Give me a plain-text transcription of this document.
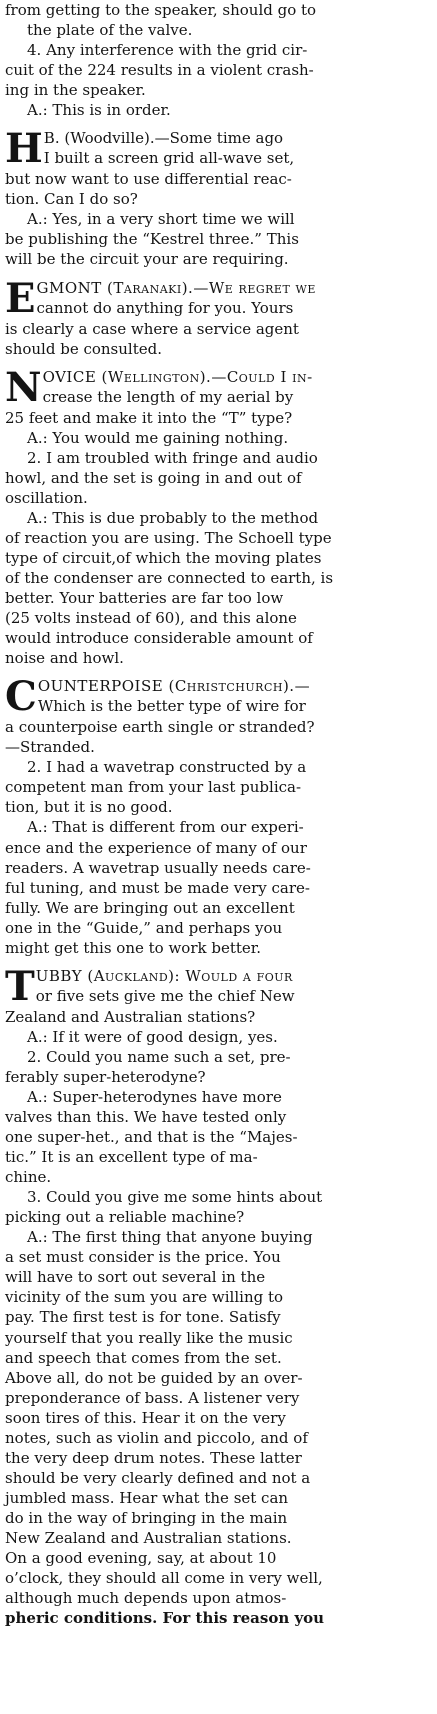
from getting to the speaker, should go to
the plate of the valve.
4. Any interference with the grid cir-
cuit of the 224 results in a violent crash-
ing in the speaker.
A.: This is in order.
H B. (Woodville).—Some time ago
I built a screen grid all-wave set,
but now want to use differential reac-
tion. Can I do so?
A.: Yes, in a very short time we will
be publishing the “Kestrel three.” This
will be the circuit your are requiring.
E GMONT (Taranaki).—We regret we
cannot do anything for you. Yours
is clearly a case where a service agent
should be consulted.
N OVICE (Wellington).—Could I in-
crease the length of my aerial by
25 feet and make it into the “T” type?
A.: You would me gaining nothing.
2. I am troubled with fringe and audio
howl, and the set is going in and out of
oscillation.
A.: This is due probably to the method
of reaction you are using. The Schoell type
type of circuit,of which the moving plates
of the condenser are connected to earth, is
better. Your batteries are far too low
(25 volts instead of 60), and this alone
would introduce considerable amount of
noise and howl.
C OUNTERPOISE (Christchurch).—
Which is the better type of wire for
a counterpoise earth single or stranded?
—Stranded.
2. I had a wavetrap constructed by a
competent man from your last publica-
tion, but it is no good.
A.: That is different from our experi-
ence and the experience of many of our
readers. A wavetrap usually needs care-
ful tuning, and must be made very care-
fully. We are bringing out an excellent
one in the “Guide,” and perhaps you
might get this one to work better.
T UBBY (Auckland): Would a four
or five sets give me the chief New
Zealand and Australian stations?
A.: If it were of good design, yes.
2. Could you name such a set, pre-
ferably super-heterodyne?
A.: Super-heterodynes have more
valves than this. We have tested only
one super-het., and that is the “Majes-
tic.” It is an excellent type of ma-
chine.
3. Could you give me some hints about
picking out a reliable machine?
A.: The first thing that anyone buying
a set must consider is the price. You
will have to sort out several in the
vicinity of the sum you are willing to
pay. The first test is for tone. Satisfy
yourself that you really like the music
and speech that comes from the set.
Above all, do not be guided by an over-
preponderance of bass. A listener very
soon tires of this. Hear it on the very
notes, such as violin and piccolo, and of
the very deep drum notes. These latter
should be very clearly defined and not a
jumbled mass. Hear what the set can
do in the way of bringing in the main
New Zealand and Australian stations.
On a good evening, say, at about 10
o’clock, they should all come in very well,
although much depends upon atmos-
pheric conditions. For this reason you
